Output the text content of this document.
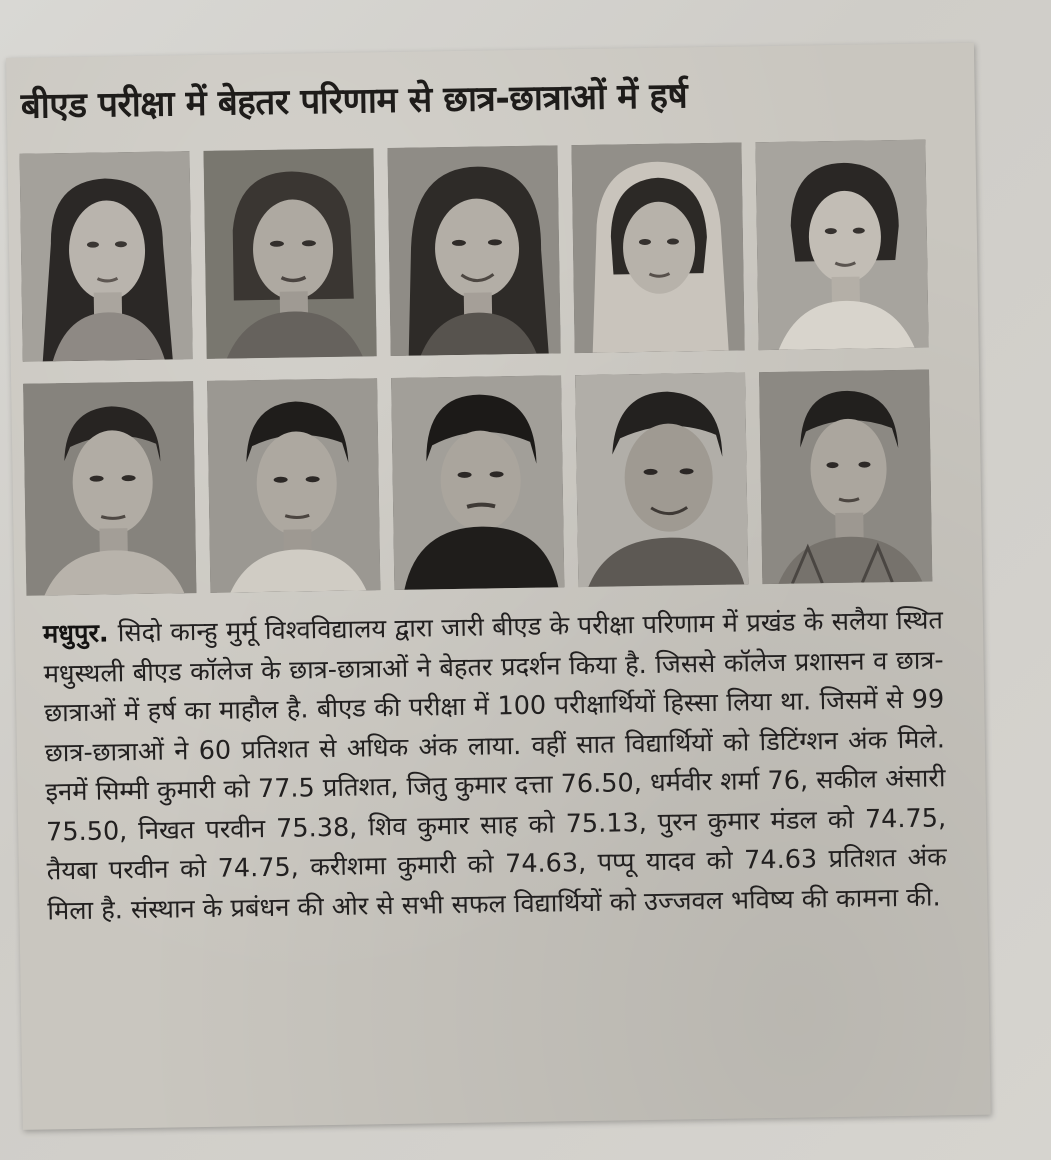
बीएड परीक्षा में बेहतर परिणाम से छात्र-छात्राओं में हर्ष
मधुपुर. सिदो कान्हु मुर्मू विश्वविद्यालय द्वारा जारी बीएड के परीक्षा परिणाम में प्रखंड के सलैया स्थित मधुस्थली बीएड कॉलेज के छात्र-छात्राओं ने बेहतर प्रदर्शन किया है. जिससे कॉलेज प्रशासन व छात्र-छात्राओं में हर्ष का माहौल है. बीएड की परीक्षा में 100 परीक्षार्थियों हिस्सा लिया था. जिसमें से 99 छात्र-छात्राओं ने 60 प्रतिशत से अधिक अंक लाया. वहीं सात विद्यार्थियों को डिटिंग्शन अंक मिले. इनमें सिम्मी कुमारी को 77.5 प्रतिशत, जितु कुमार दत्ता 76.50, धर्मवीर शर्मा 76, सकील अंसारी 75.50, निखत परवीन 75.38, शिव कुमार साह को 75.13, पुरन कुमार मंडल को 74.75, तैयबा परवीन को 74.75, करीशमा कुमारी को 74.63, पप्पू यादव को 74.63 प्रतिशत अंक मिला है. संस्थान के प्रबंधन की ओर से सभी सफल विद्यार्थियों को उज्जवल भविष्य की कामना की.
